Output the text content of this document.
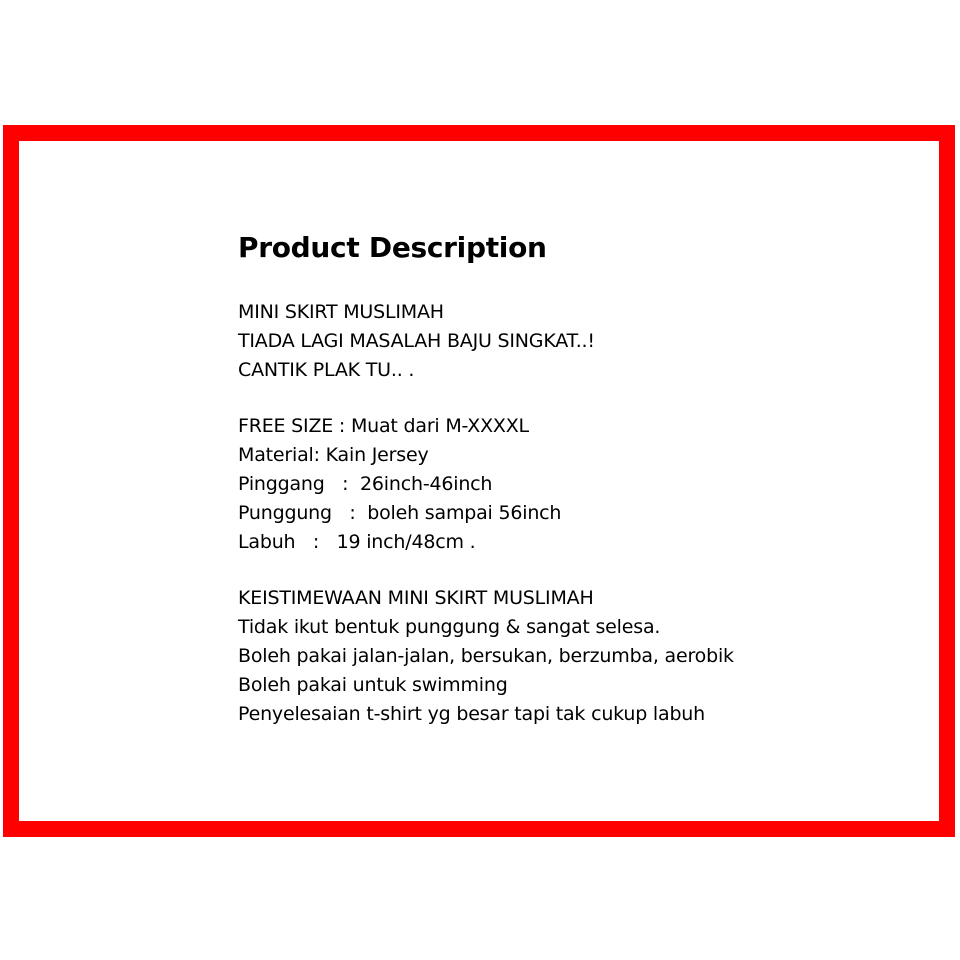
Product Description
MINI SKIRT MUSLIMAH
TIADA LAGI MASALAH BAJU SINGKAT..!
CANTIK PLAK TU.. .
FREE SIZE : Muat dari M-XXXXL
Material: Kain Jersey
Pinggang   :  26inch-46inch
Punggung   :  boleh sampai 56inch
Labuh   :   19 inch/48cm .
KEISTIMEWAAN MINI SKIRT MUSLIMAH
Tidak ikut bentuk punggung & sangat selesa.
Boleh pakai jalan-jalan, bersukan, berzumba, aerobik
Boleh pakai untuk swimming
Penyelesaian t-shirt yg besar tapi tak cukup labuh
